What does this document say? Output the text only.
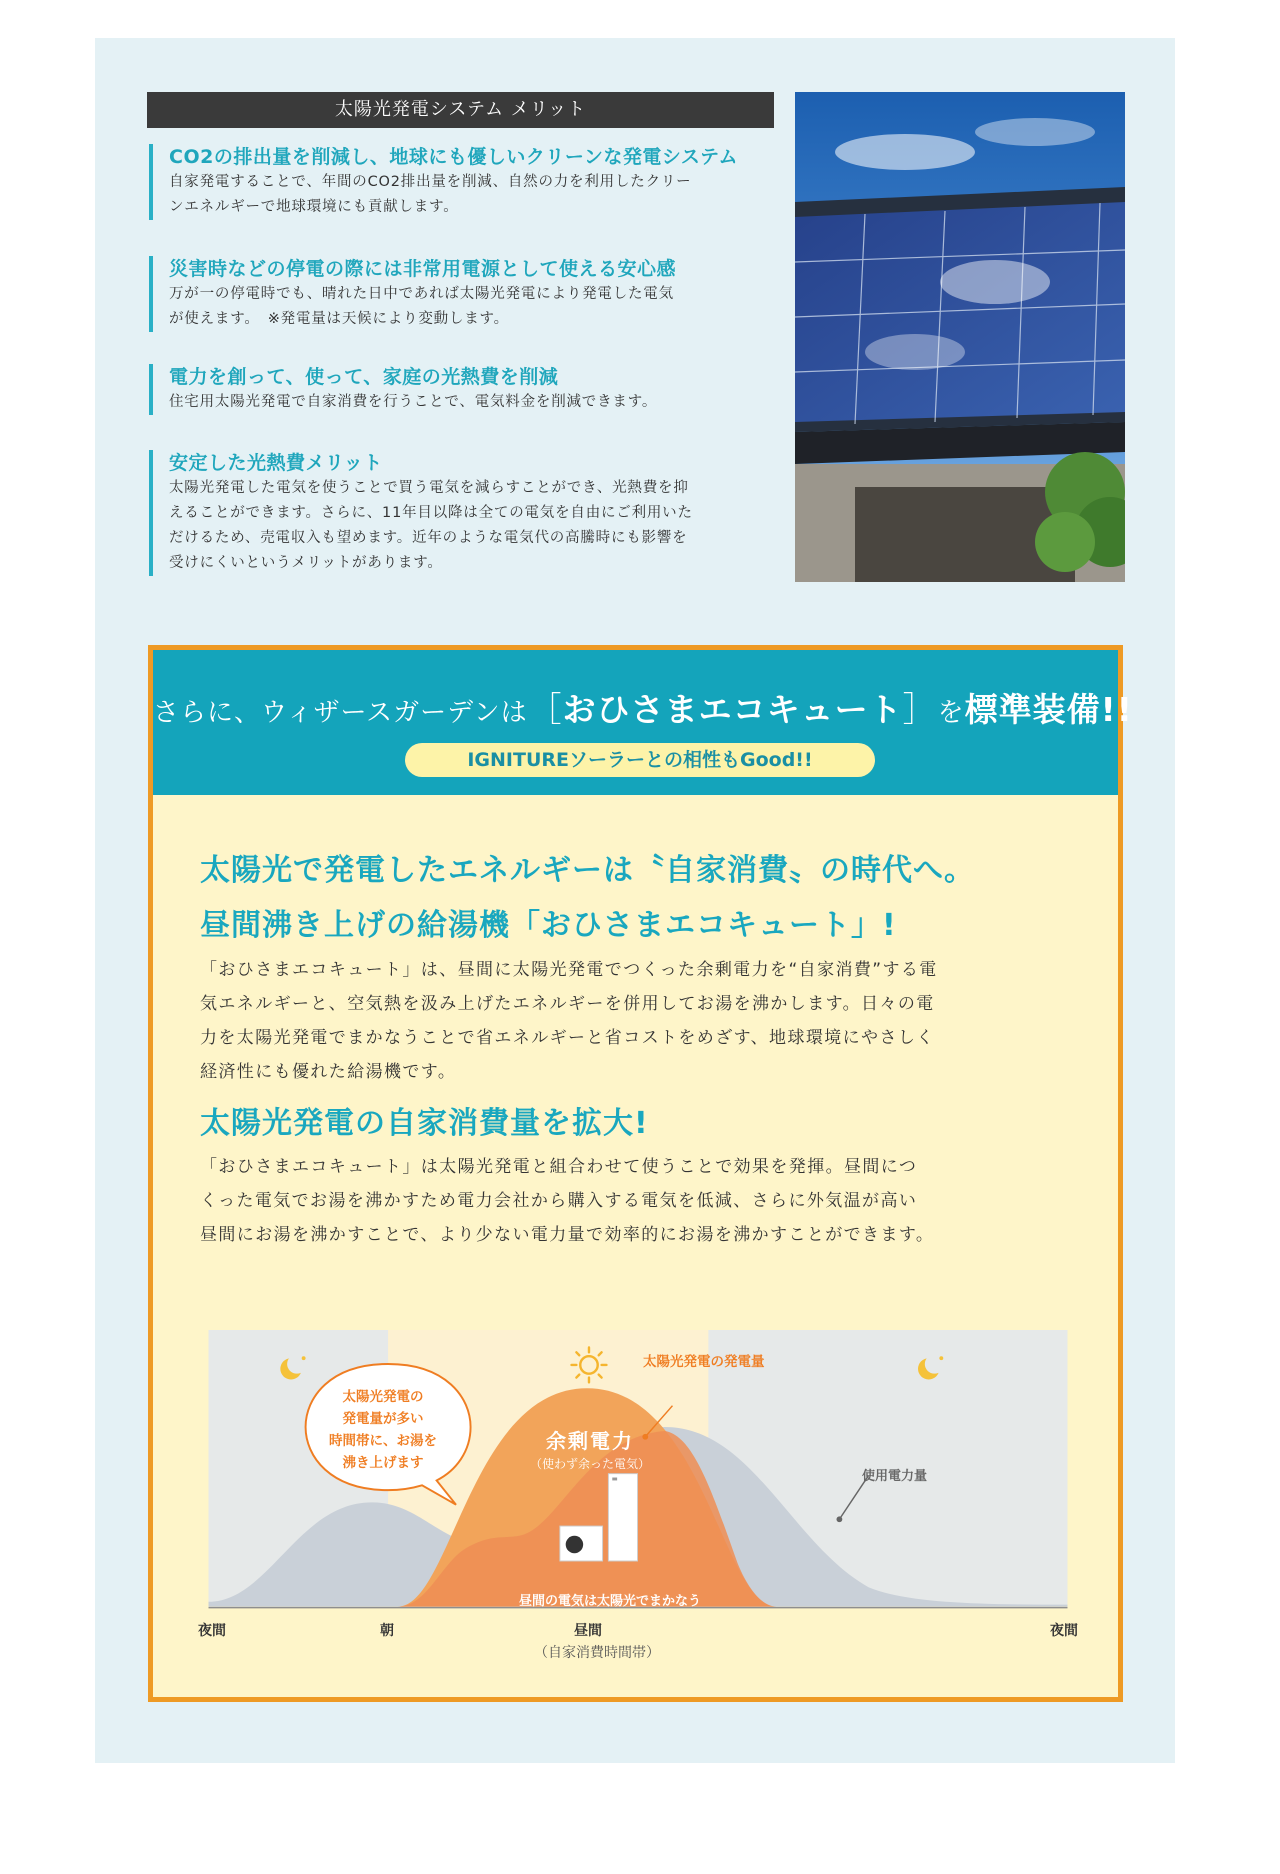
太陽光発電システム メリット
CO2の排出量を削減し、地球にも優しいクリーンな発電システム
自家発電することで、年間のCO2排出量を削減、自然の力を利用したクリー
ンエネルギーで地球環境にも貢献します。
災害時などの停電の際には非常用電源として使える安心感
万が一の停電時でも、晴れた日中であれば太陽光発電により発電した電気
が使えます。　※発電量は天候により変動します。
電力を創って、使って、家庭の光熱費を削減
住宅用太陽光発電で自家消費を行うことで、電気料金を削減できます。
安定した光熱費メリット
太陽光発電した電気を使うことで買う電気を減らすことができ、光熱費を抑
えることができます。さらに、11年目以降は全ての電気を自由にご利用いた
だけるため、売電収入も望めます。近年のような電気代の高騰時にも影響を
受けにくいというメリットがあります。
さらに、ウィザースガーデンは［おひさまエコキュート］を標準装備!!
IGNITUREソーラーとの相性もGood!!
太陽光で発電したエネルギーは〝自家消費〟の時代へ。
昼間沸き上げの給湯機「おひさまエコキュート」!
「おひさまエコキュート」は、昼間に太陽光発電でつくった余剰電力を“自家消費”する電
気エネルギーと、空気熱を汲み上げたエネルギーを併用してお湯を沸かします。日々の電
力を太陽光発電でまかなうことで省エネルギーと省コストをめざす、地球環境にやさしく
経済性にも優れた給湯機です。
太陽光発電の自家消費量を拡大!
「おひさまエコキュート」は太陽光発電と組合わせて使うことで効果を発揮。昼間につ
くった電気でお湯を沸かすため電力会社から購入する電気を低減、さらに外気温が高い
昼間にお湯を沸かすことで、より少ない電力量で効率的にお湯を沸かすことができます。
太陽光発電の
発電量が多い
時間帯に、お湯を
沸き上げます
余剰電力
（使わず余った電気）
太陽光発電の発電量
使用電力量
昼間の電気は太陽光でまかなう
夜間	朝	昼間	夜間
（自家消費時間帯）
